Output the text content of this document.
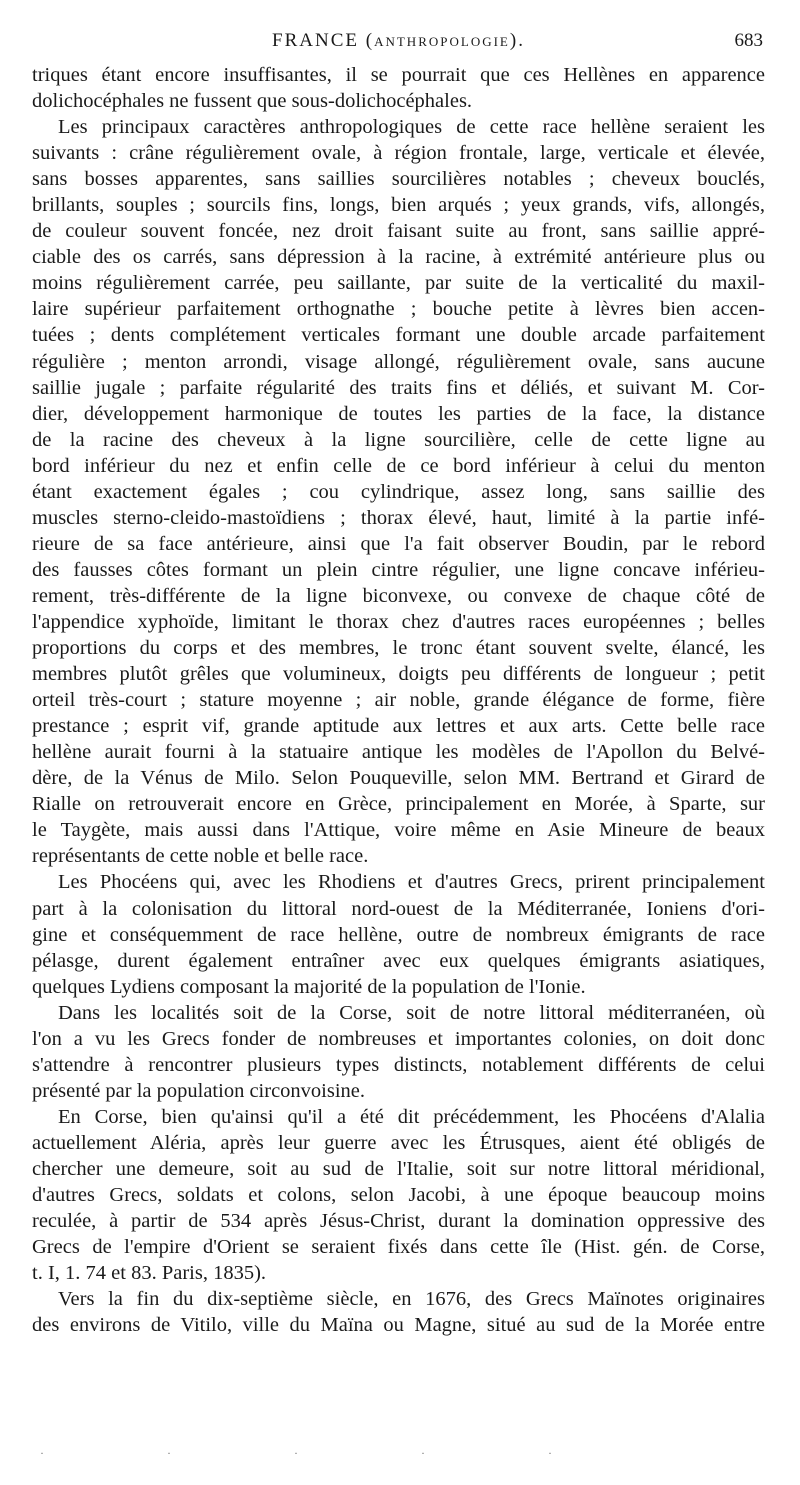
FRANCE (ANTHROPOLOGIE).	683
triques étant encore insuffisantes, il se pourrait que ces Hellènes en apparence
dolichocéphales ne fussent que sous-dolichocéphales.
Les principaux caractères anthropologiques de cette race hellène seraient les
suivants : crâne régulièrement ovale, à région frontale, large, verticale et élevée,
sans bosses apparentes, sans saillies sourcilières notables ; cheveux bouclés,
brillants, souples ; sourcils fins, longs, bien arqués ; yeux grands, vifs, allongés,
de couleur souvent foncée, nez droit faisant suite au front, sans saillie appré-
ciable des os carrés, sans dépression à la racine, à extrémité antérieure plus ou
moins régulièrement carrée, peu saillante, par suite de la verticalité du maxil-
laire supérieur parfaitement orthognathe ; bouche petite à lèvres bien accen-
tuées ; dents complétement verticales formant une double arcade parfaitement
régulière ; menton arrondi, visage allongé, régulièrement ovale, sans aucune
saillie jugale ; parfaite régularité des traits fins et déliés, et suivant M. Cor-
dier, développement harmonique de toutes les parties de la face, la distance
de la racine des cheveux à la ligne sourcilière, celle de cette ligne au
bord inférieur du nez et enfin celle de ce bord inférieur à celui du menton
étant exactement égales ; cou cylindrique, assez long, sans saillie des
muscles sterno-cleido-mastoïdiens ; thorax élevé, haut, limité à la partie infé-
rieure de sa face antérieure, ainsi que l'a fait observer Boudin, par le rebord
des fausses côtes formant un plein cintre régulier, une ligne concave inférieu-
rement, très-différente de la ligne biconvexe, ou convexe de chaque côté de
l'appendice xyphoïde, limitant le thorax chez d'autres races européennes ; belles
proportions du corps et des membres, le tronc étant souvent svelte, élancé, les
membres plutôt grêles que volumineux, doigts peu différents de longueur ; petit
orteil très-court ; stature moyenne ; air noble, grande élégance de forme, fière
prestance ; esprit vif, grande aptitude aux lettres et aux arts. Cette belle race
hellène aurait fourni à la statuaire antique les modèles de l'Apollon du Belvé-
dère, de la Vénus de Milo. Selon Pouqueville, selon MM. Bertrand et Girard de
Rialle on retrouverait encore en Grèce, principalement en Morée, à Sparte, sur
le Taygète, mais aussi dans l'Attique, voire même en Asie Mineure de beaux
représentants de cette noble et belle race.
Les Phocéens qui, avec les Rhodiens et d'autres Grecs, prirent principalement
part à la colonisation du littoral nord-ouest de la Méditerranée, Ioniens d'ori-
gine et conséquemment de race hellène, outre de nombreux émigrants de race
pélasge, durent également entraîner avec eux quelques émigrants asiatiques,
quelques Lydiens composant la majorité de la population de l'Ionie.
Dans les localités soit de la Corse, soit de notre littoral méditerranéen, où
l'on a vu les Grecs fonder de nombreuses et importantes colonies, on doit donc
s'attendre à rencontrer plusieurs types distincts, notablement différents de celui
présenté par la population circonvoisine.
En Corse, bien qu'ainsi qu'il a été dit précédemment, les Phocéens d'Alalia
actuellement Aléria, après leur guerre avec les Étrusques, aient été obligés de
chercher une demeure, soit au sud de l'Italie, soit sur notre littoral méridional,
d'autres Grecs, soldats et colons, selon Jacobi, à une époque beaucoup moins
reculée, à partir de 534 après Jésus-Christ, durant la domination oppressive des
Grecs de l'empire d'Orient se seraient fixés dans cette île (Hist. gén. de Corse,
t. I, 1. 74 et 83. Paris, 1835).
Vers la fin du dix-septième siècle, en 1676, des Grecs Maïnotes originaires
des environs de Vitilo, ville du Maïna ou Magne, situé au sud de la Morée entre
· · · · ·
